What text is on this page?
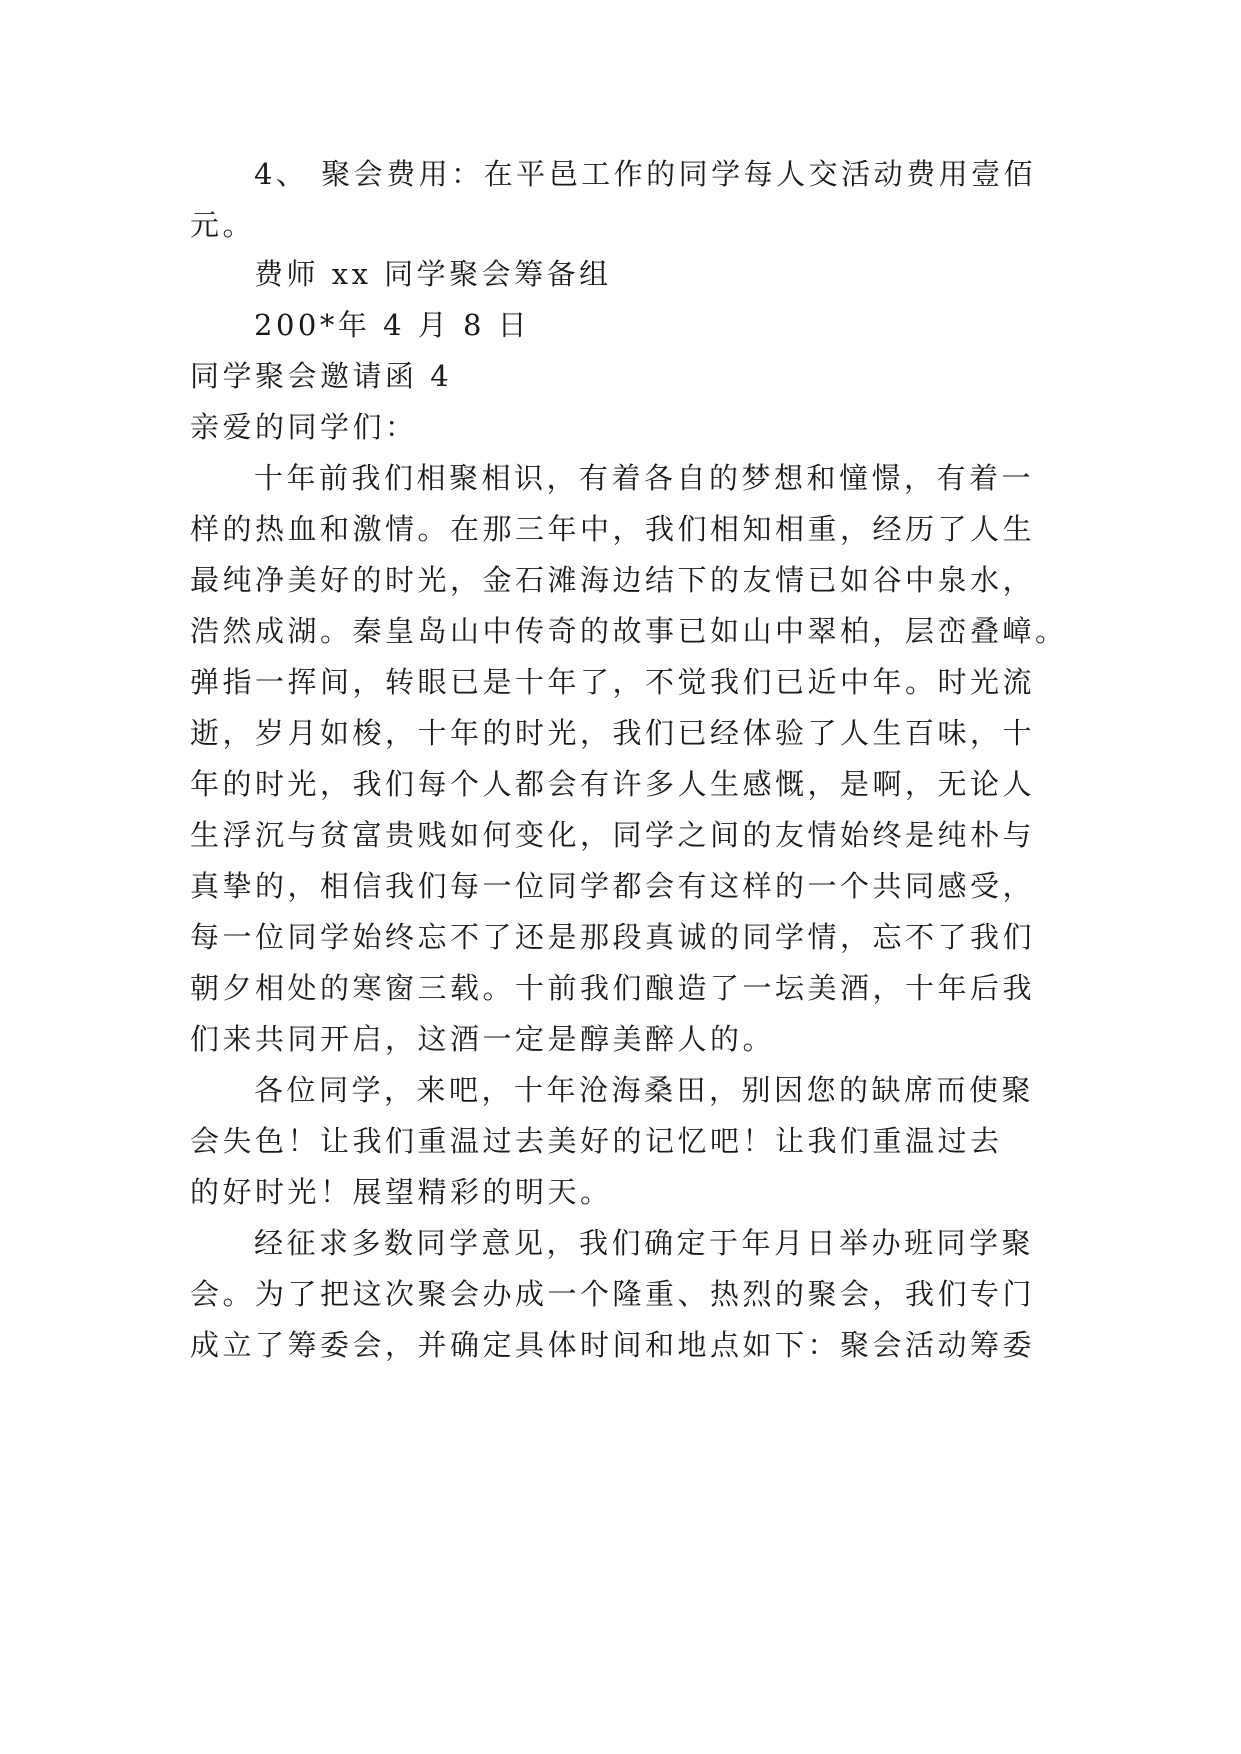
4、 聚会费用：在平邑工作的同学每人交活动费用壹佰

元。

费师 xx 同学聚会筹备组

200*年 4 月 8 日

同学聚会邀请函 4

亲爱的同学们：

十年前我们相聚相识，有着各自的梦想和憧憬，有着一

样的热血和激情。在那三年中，我们相知相重，经历了人生

最纯净美好的时光，金石滩海边结下的友情已如谷中泉水，

浩然成湖。秦皇岛山中传奇的故事已如山中翠柏，层峦叠嶂。

弹指一挥间，转眼已是十年了，不觉我们已近中年。时光流

逝，岁月如梭，十年的时光，我们已经体验了人生百味，十

年的时光，我们每个人都会有许多人生感慨，是啊，无论人

生浮沉与贫富贵贱如何变化，同学之间的友情始终是纯朴与

真挚的，相信我们每一位同学都会有这样的一个共同感受，

每一位同学始终忘不了还是那段真诚的同学情，忘不了我们

朝夕相处的寒窗三载。十前我们酿造了一坛美酒，十年后我

们来共同开启，这酒一定是醇美醉人的。

各位同学，来吧，十年沧海桑田，别因您的缺席而使聚

会失色！让我们重温过去美好的记忆吧！让我们重温过去

的好时光！展望精彩的明天。

经征求多数同学意见，我们确定于年月日举办班同学聚

会。为了把这次聚会办成一个隆重、热烈的聚会，我们专门

成立了筹委会，并确定具体时间和地点如下：聚会活动筹委
